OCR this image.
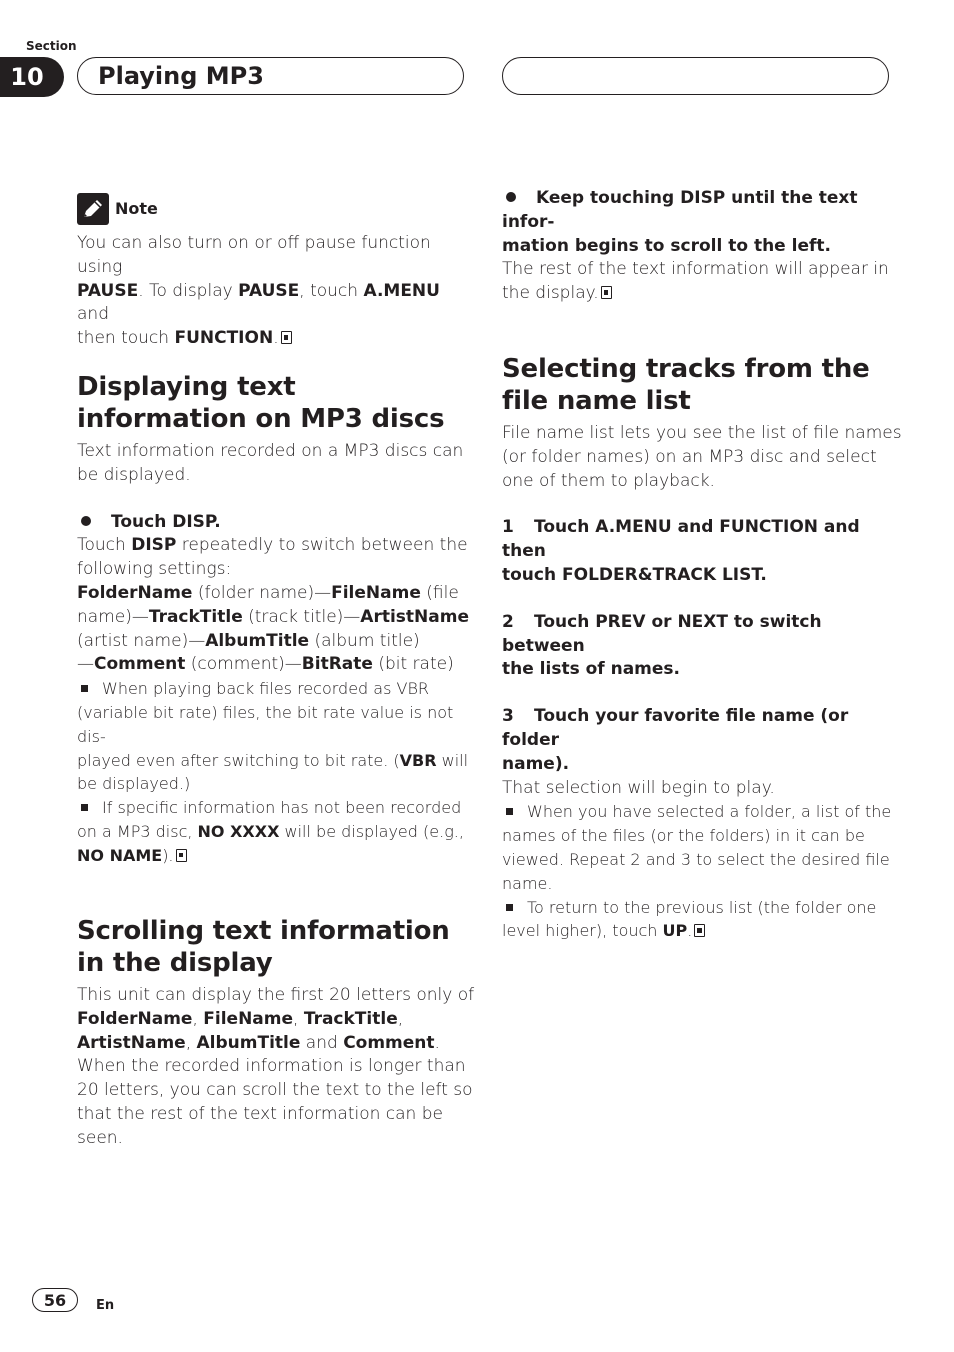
Section
10 Playing MP3
Note
You can also turn on or off pause function using
PAUSE. To display PAUSE, touch A.MENU and
then touch FUNCTION.
Displaying text
information on MP3 discs
Text information recorded on a MP3 discs can
be displayed.
Touch DISP.
Touch DISP repeatedly to switch between the
following settings:
FolderName (folder name)—FileName (file
name)—TrackTitle (track title)—ArtistName
(artist name)—AlbumTitle (album title)
—Comment (comment)—BitRate (bit rate)
When playing back files recorded as VBR
(variable bit rate) files, the bit rate value is not dis-
played even after switching to bit rate. (VBR will
be displayed.)
If specific information has not been recorded
on a MP3 disc, NO XXXX will be displayed (e.g.,
NO NAME).
Scrolling text information
in the display
This unit can display the first 20 letters only of
FolderName, FileName, TrackTitle,
ArtistName, AlbumTitle and Comment.
When the recorded information is longer than
20 letters, you can scroll the text to the left so
that the rest of the text information can be
seen.
Keep touching DISP until the text infor-
mation begins to scroll to the left.
The rest of the text information will appear in
the display.
Selecting tracks from the
file name list
File name list lets you see the list of file names
(or folder names) on an MP3 disc and select
one of them to playback.
1 Touch A.MENU and FUNCTION and then
touch FOLDER&TRACK LIST.
2 Touch PREV or NEXT to switch between
the lists of names.
3 Touch your favorite file name (or folder
name).
That selection will begin to play.
When you have selected a folder, a list of the
names of the files (or the folders) in it can be
viewed. Repeat 2 and 3 to select the desired file
name.
To return to the previous list (the folder one
level higher), touch UP.
56 En
